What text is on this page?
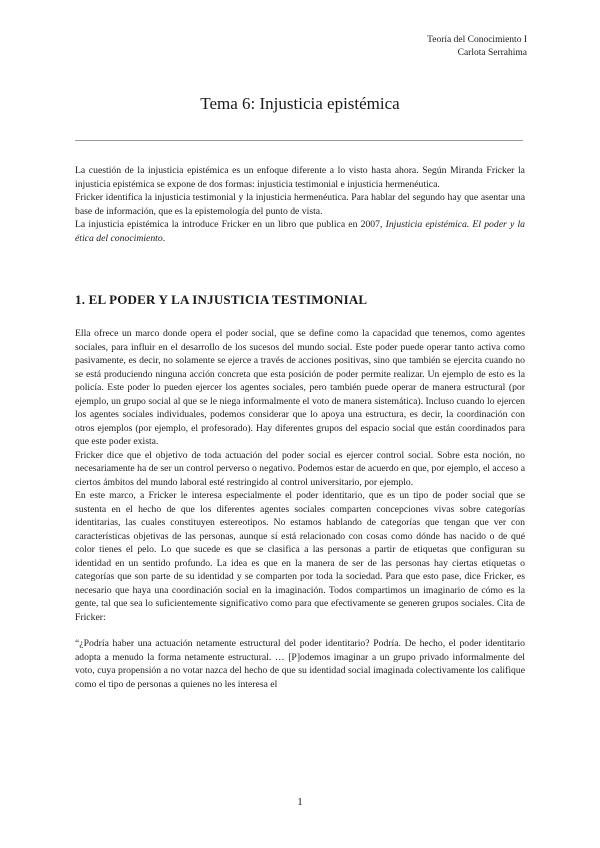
Teoría del Conocimiento I
Carlota Serrahima
Tema 6: Injusticia epistémica

La cuestión de la injusticia epistémica es un enfoque diferente a lo visto hasta ahora. Según Miranda Fricker la injusticia epistémica se expone de dos formas: injusticia testimonial e injusticia hermenéutica.

Fricker identifica la injusticia testimonial y la injusticia hermenéutica. Para hablar del segundo hay que asentar una base de información, que es la epistemología del punto de vista.

La injusticia epistémica la introduce Fricker en un libro que publica en 2007, Injusticia epistémica. El poder y la ética del conocimiento.

1. EL PODER Y LA INJUSTICIA TESTIMONIAL

Ella ofrece un marco donde opera el poder social, que se define como la capacidad que tenemos, como agentes sociales, para influir en el desarrollo de los sucesos del mundo social. Este poder puede operar tanto activa como pasivamente, es decir, no solamente se ejerce a través de acciones positivas, sino que también se ejercita cuando no se está produciendo ninguna acción concreta que esta posición de poder permite realizar. Un ejemplo de esto es la policía. Este poder lo pueden ejercer los agentes sociales, pero también puede operar de manera estructural (por ejemplo, un grupo social al que se le niega informalmente el voto de manera sistemática). Incluso cuando lo ejercen los agentes sociales individuales, podemos considerar que lo apoya una estructura, es decir, la coordinación con otros ejemplos (por ejemplo, el profesorado). Hay diferentes grupos del espacio social que están coordinados para que este poder exista.

Fricker dice que el objetivo de toda actuación del poder social es ejercer control social. Sobre esta noción, no necesariamente ha de ser un control perverso o negativo. Podemos estar de acuerdo en que, por ejemplo, el acceso a ciertos ámbitos del mundo laboral esté restringido al control universitario, por ejemplo.

En este marco, a Fricker le interesa especialmente el poder identitario, que es un tipo de poder social que se sustenta en el hecho de que los diferentes agentes sociales comparten concepciones vivas sobre categorías identitarias, las cuales constituyen estereotipos. No estamos hablando de categorías que tengan que ver con características objetivas de las personas, aunque sí está relacionado con cosas como dónde has nacido o de qué color tienes el pelo. Lo que sucede es que se clasifica a las personas a partir de etiquetas que configuran su identidad en un sentido profundo. La idea es que en la manera de ser de las personas hay ciertas etiquetas o categorías que son parte de su identidad y se comparten por toda la sociedad. Para que esto pase, dice Fricker, es necesario que haya una coordinación social en la imaginación. Todos compartimos un imaginario de cómo es la gente, tal que sea lo suficientemente significativo como para que efectivamente se generen grupos sociales. Cita de Fricker:

“¿Podría haber una actuación netamente estructural del poder identitario? Podría. De hecho, el poder identitario adopta a menudo la forma netamente estructural. … [P]odemos imaginar a un grupo privado informalmente del voto, cuya propensión a no votar nazca del hecho de que su identidad social imaginada colectivamente los califique como el tipo de personas a quienes no les interesa el

1
